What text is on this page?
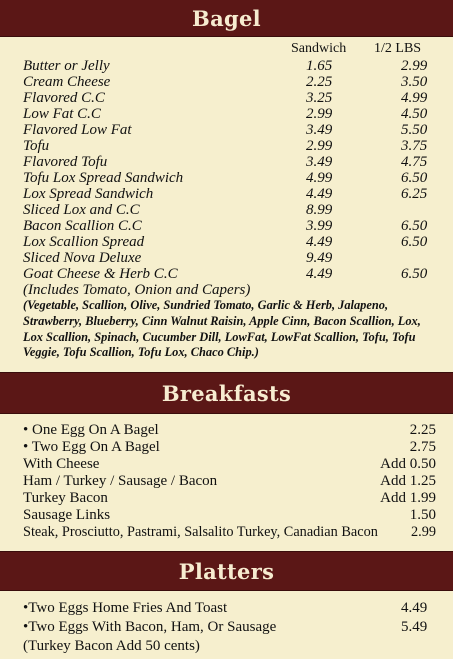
Bagel
Sandwich 1/2 LBS
Butter or Jelly	1.65	2.99
Cream Cheese	2.25	3.50
Flavored C.C	3.25	4.99
Low Fat C.C	2.99	4.50
Flavored Low Fat	3.49	5.50
Tofu	2.99	3.75
Flavored Tofu	3.49	4.75
Tofu Lox Spread Sandwich	4.99	6.50
Lox Spread Sandwich	4.49	6.25
Sliced Lox and C.C	8.99
Bacon Scallion C.C	3.99	6.50
Lox Scallion Spread	4.49	6.50
Sliced Nova Deluxe	9.49
Goat Cheese & Herb C.C	4.49	6.50
(Includes Tomato, Onion and Capers)
(Vegetable, Scallion, Olive, Sundried Tomato, Garlic & Herb, Jalapeno, Strawberry, Blueberry, Cinn Walnut Raisin, Apple Cinn, Bacon Scallion, Lox, Lox Scallion, Spinach, Cucumber Dill, LowFat, LowFat Scallion, Tofu, Tofu Veggie, Tofu Scallion, Tofu Lox, Chaco Chip.)
Breakfasts
• One Egg On A Bagel	2.25
• Two Egg On A Bagel	2.75
With Cheese	Add 0.50
Ham / Turkey / Sausage / Bacon	Add 1.25
Turkey Bacon	Add 1.99
Sausage Links	1.50
Steak, Prosciutto, Pastrami, Salsalito Turkey, Canadian Bacon 2.99
Platters
•Two Eggs Home Fries And Toast	4.49
•Two Eggs With Bacon, Ham, Or Sausage	5.49
(Turkey Bacon Add 50 cents)
